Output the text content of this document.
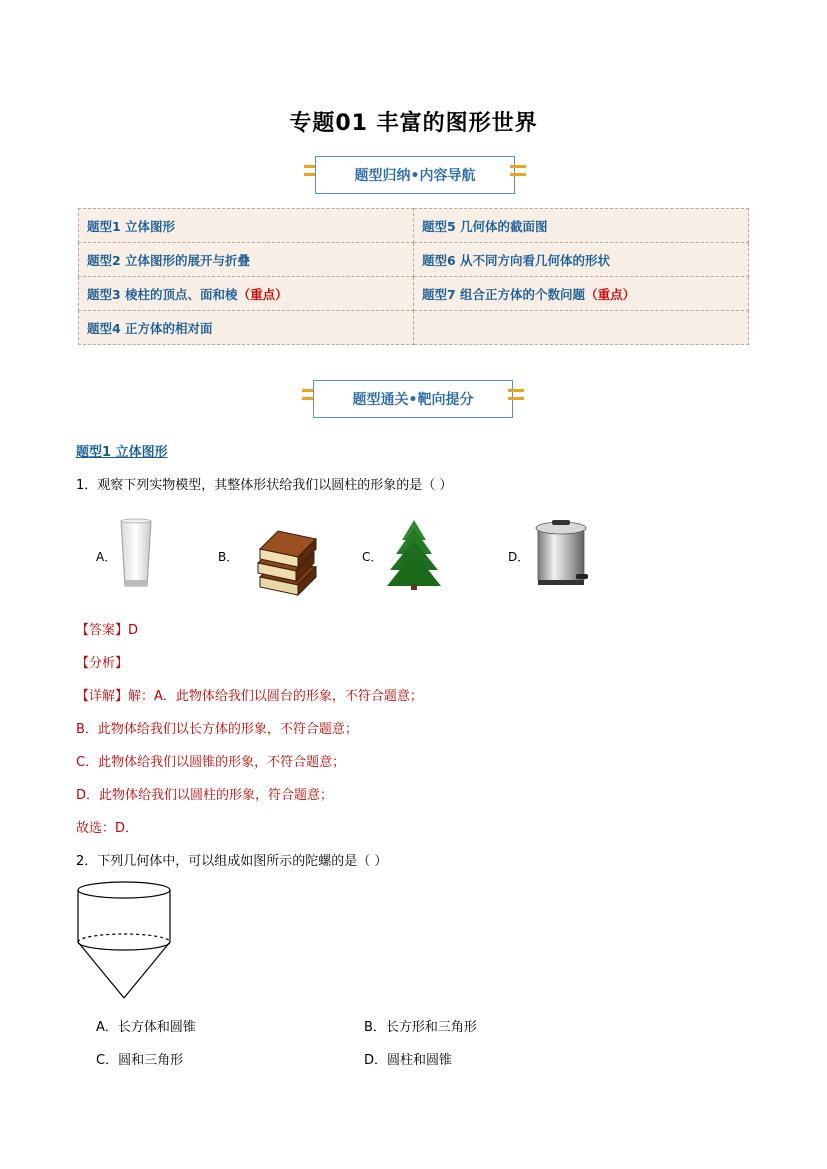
专题01 丰富的图形世界
题型归纳•内容导航
题型1 立体图形	题型5 几何体的截面图
题型2 立体图形的展开与折叠	题型6 从不同方向看几何体的形状
题型3 棱柱的顶点、面和棱（重点）	题型7 组合正方体的个数问题（重点）
题型4 正方体的相对面	
题型通关•靶向提分
题型1 立体图形
1．观察下列实物模型，其整体形状给我们以圆柱的形象的是（ ）
A．	B．	C．	D．
【答案】D
【分析】
【详解】解：A．此物体给我们以圆台的形象，不符合题意；
B．此物体给我们以长方体的形象，不符合题意；
C．此物体给我们以圆锥的形象，不符合题意；
D．此物体给我们以圆柱的形象，符合题意；
故选：D．
2．下列几何体中，可以组成如图所示的陀螺的是（ ）
A．长方体和圆锥	B．长方形和三角形
C．圆和三角形	D．圆柱和圆锥
